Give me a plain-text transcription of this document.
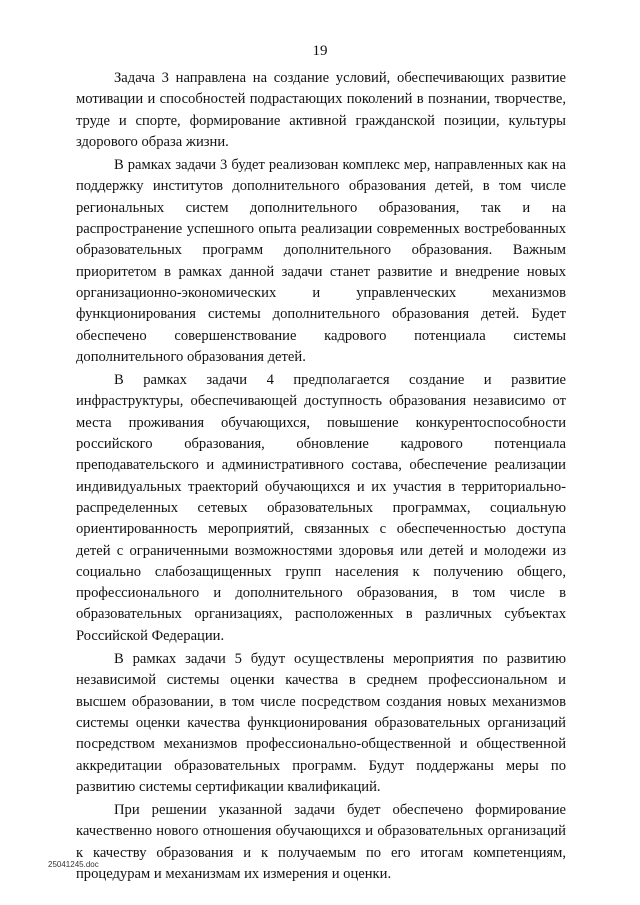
19

Задача 3 направлена на создание условий, обеспечивающих развитие мотивации и способностей подрастающих поколений в познании, творчестве, труде и спорте, формирование активной гражданской позиции, культуры здорового образа жизни.

В рамках задачи 3 будет реализован комплекс мер, направленных как на поддержку институтов дополнительного образования детей, в том числе региональных систем дополнительного образования, так и на распространение успешного опыта реализации современных востребованных образовательных программ дополнительного образования. Важным приоритетом в рамках данной задачи станет развитие и внедрение новых организационно-экономических и управленческих механизмов функционирования системы дополнительного образования детей. Будет обеспечено совершенствование кадрового потенциала системы дополнительного образования детей.

В рамках задачи 4 предполагается создание и развитие инфраструктуры, обеспечивающей доступность образования независимо от места проживания обучающихся, повышение конкурентоспособности российского образования, обновление кадрового потенциала преподавательского и административного состава, обеспечение реализации индивидуальных траекторий обучающихся и их участия в территориально-распределенных сетевых образовательных программах, социальную ориентированность мероприятий, связанных с обеспеченностью доступа детей с ограниченными возможностями здоровья или детей и молодежи из социально слабозащищенных групп населения к получению общего, профессионального и дополнительного образования, в том числе в образовательных организациях, расположенных в различных субъектах Российской Федерации.

В рамках задачи 5 будут осуществлены мероприятия по развитию независимой системы оценки качества в среднем профессиональном и высшем образовании, в том числе посредством создания новых механизмов системы оценки качества функционирования образовательных организаций посредством механизмов профессионально-общественной и общественной аккредитации образовательных программ. Будут поддержаны меры по развитию системы сертификации квалификаций.

При решении указанной задачи будет обеспечено формирование качественно нового отношения обучающихся и образовательных организаций к качеству образования и к получаемым по его итогам компетенциям, процедурам и механизмам их измерения и оценки.

25041245.doc
